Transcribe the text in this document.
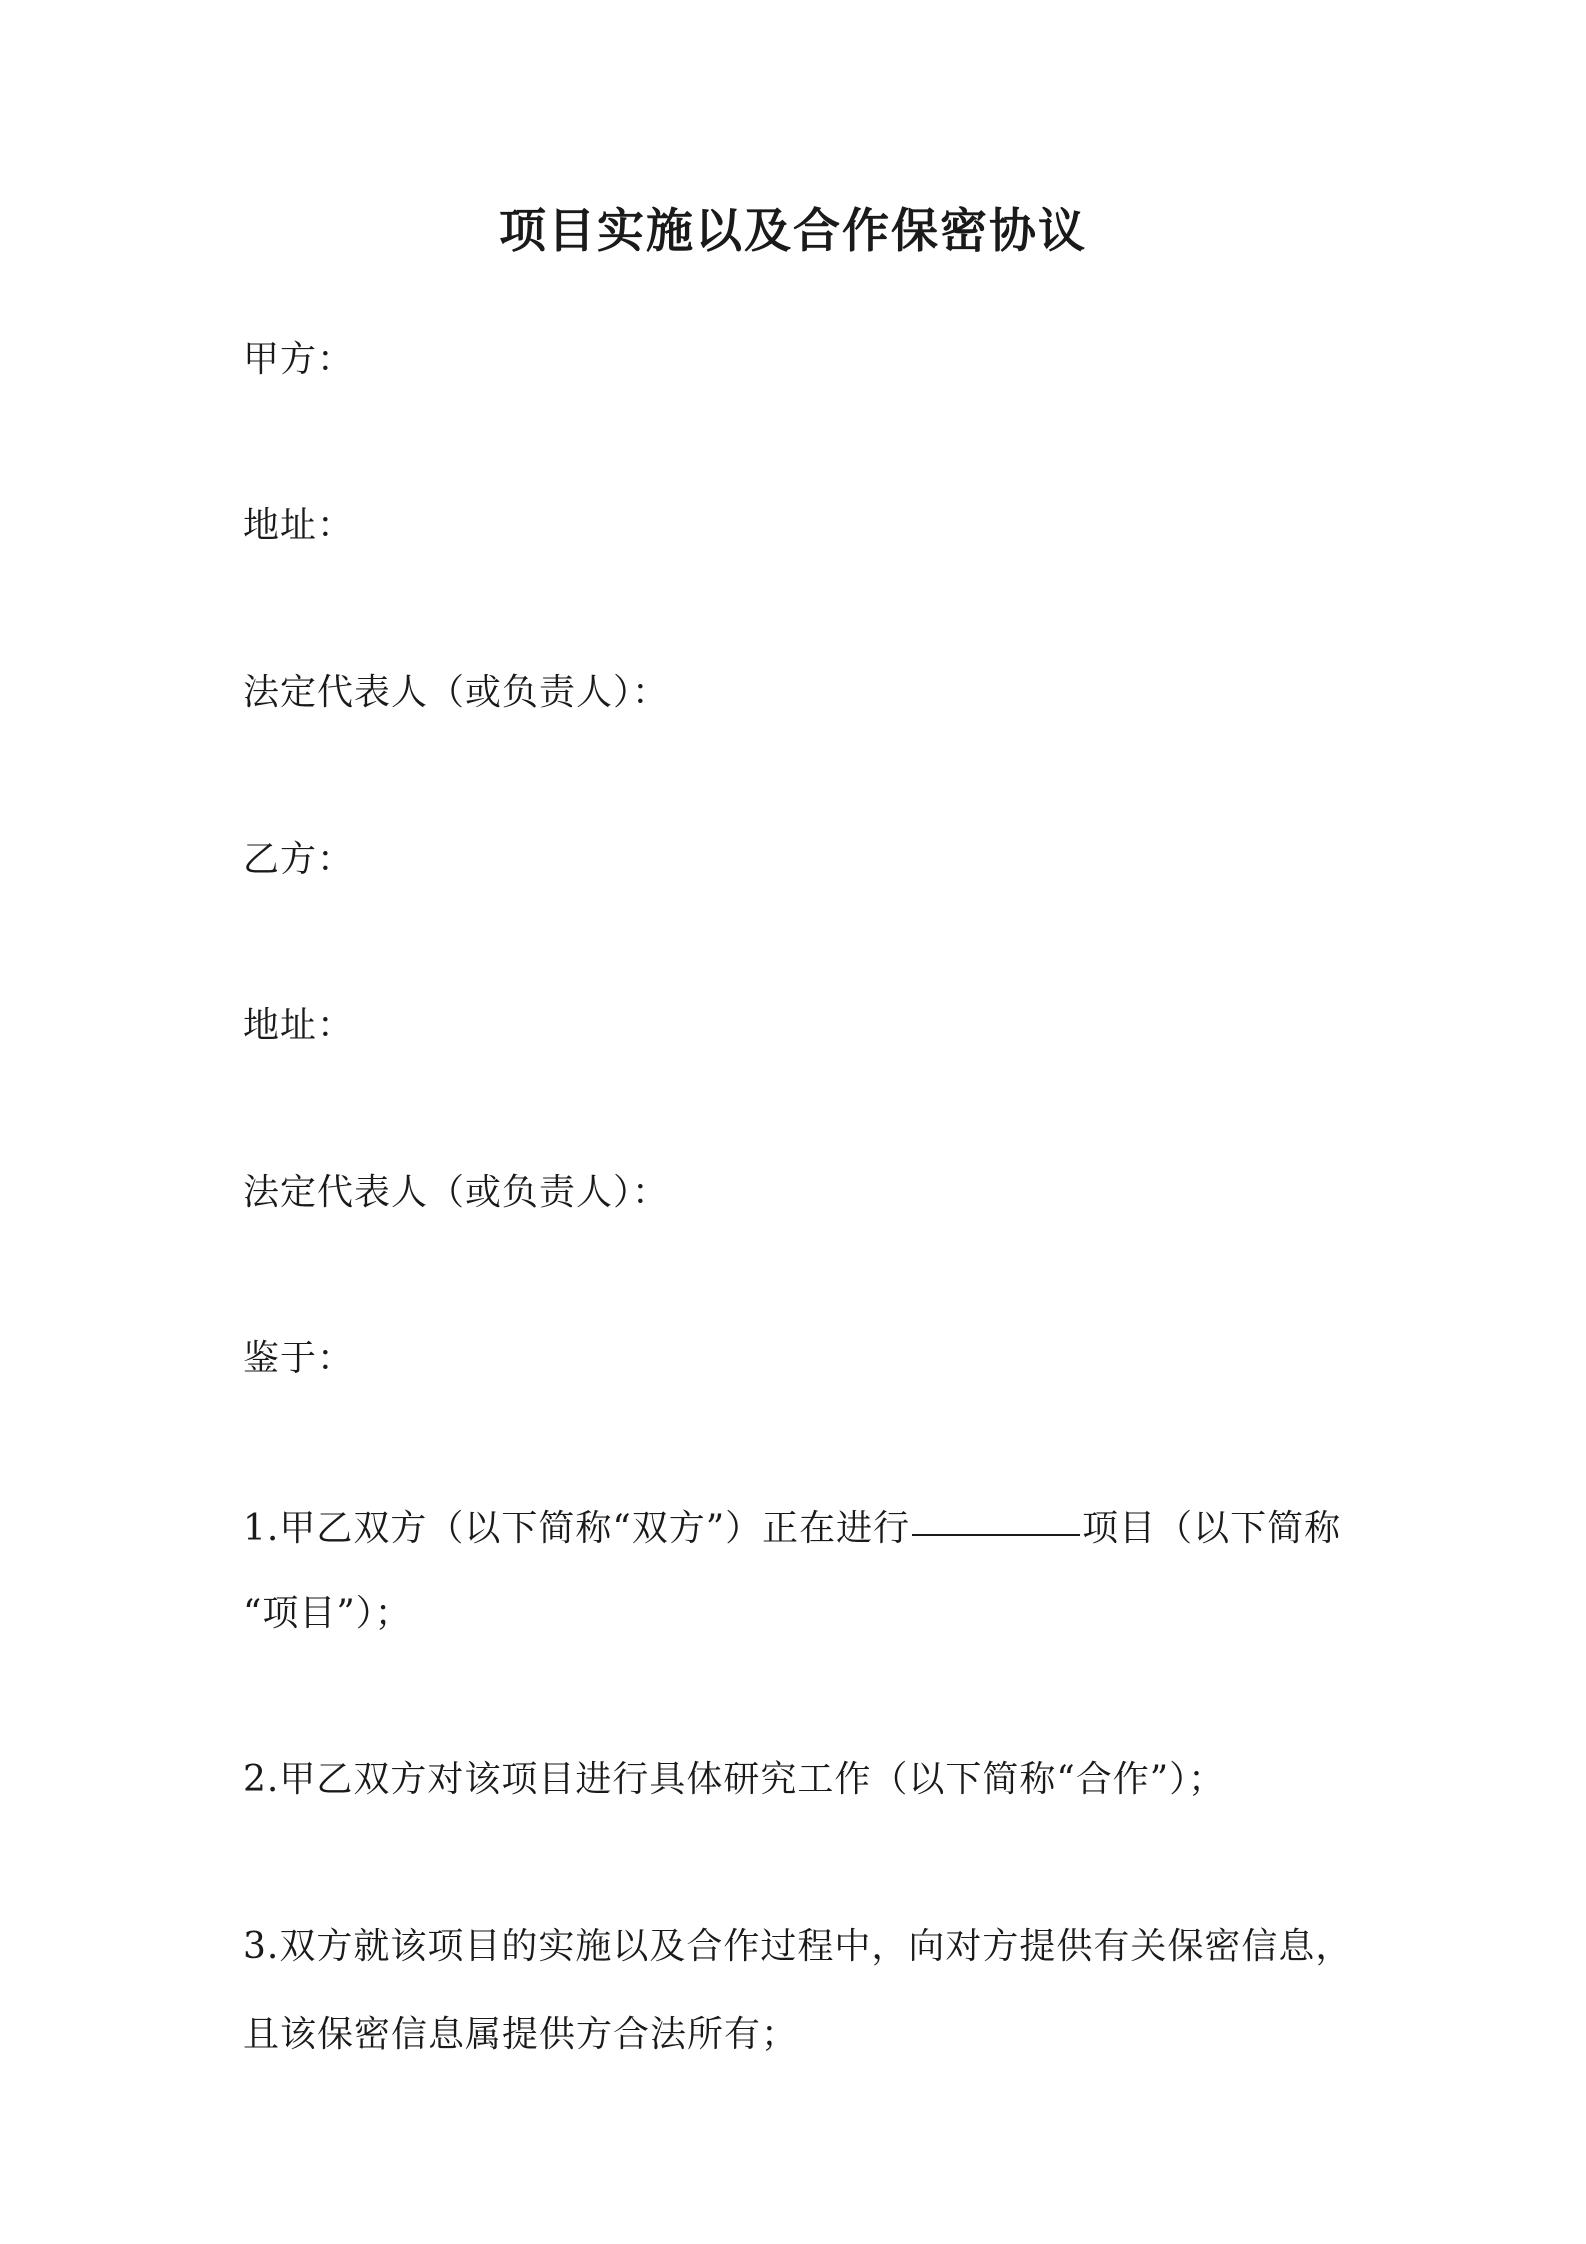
项目实施以及合作保密协议
甲方：
地址：
法定代表人（或负责人）：
乙方：
地址：
法定代表人（或负责人）：
鉴于：
1.甲乙双方（以下简称“双方”）正在进行	项目（以下简称
“项目”）；
2.甲乙双方对该项目进行具体研究工作（以下简称“合作”）；
3.双方就该项目的实施以及合作过程中，向对方提供有关保密信息，
且该保密信息属提供方合法所有；
